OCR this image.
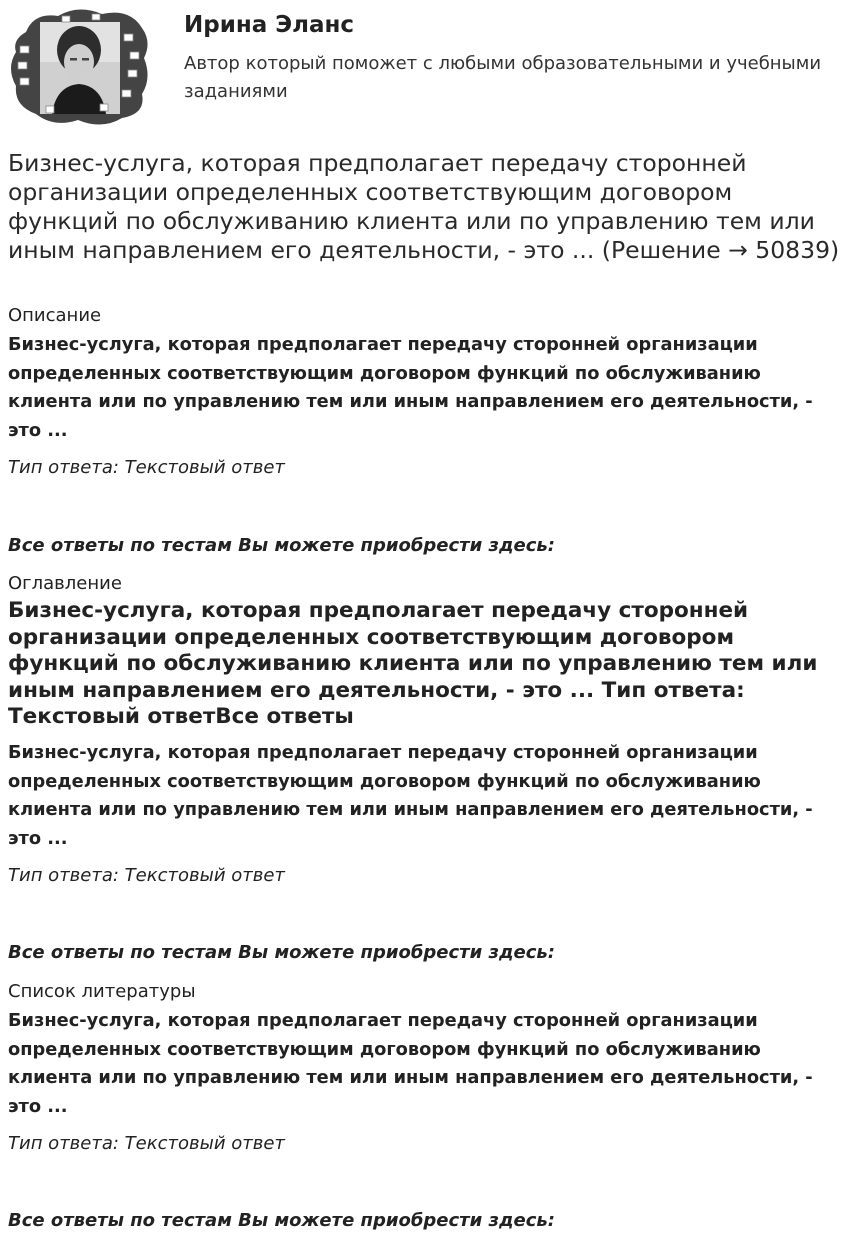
Ирина Эланс
Автор который поможет с любыми образовательными и учебными заданиями
Бизнес-услуга, которая предполагает передачу сторонней организации определенных соответствующим договором функций по обслуживанию клиента или по управлению тем или иным направлением его деятельности, - это ... (Решение → 50839)
Описание

Бизнес-услуга, которая предполагает передачу сторонней организации определенных соответствующим договором функций по обслуживанию клиента или по управлению тем или иным направлением его деятельности, - это ...

Тип ответа: Текстовый ответ
Все ответы по тестам Вы можете приобрести здесь:
Оглавление
Бизнес-услуга, которая предполагает передачу сторонней организации определенных соответствующим договором функций по обслуживанию клиента или по управлению тем или иным направлением его деятельности, - это ... Тип ответа: Текстовый ответВсе ответы

Бизнес-услуга, которая предполагает передачу сторонней организации определенных соответствующим договором функций по обслуживанию клиента или по управлению тем или иным направлением его деятельности, - это ...

Тип ответа: Текстовый ответ
Все ответы по тестам Вы можете приобрести здесь:
Список литературы

Бизнес-услуга, которая предполагает передачу сторонней организации определенных соответствующим договором функций по обслуживанию клиента или по управлению тем или иным направлением его деятельности, - это ...

Тип ответа: Текстовый ответ
Все ответы по тестам Вы можете приобрести здесь:
